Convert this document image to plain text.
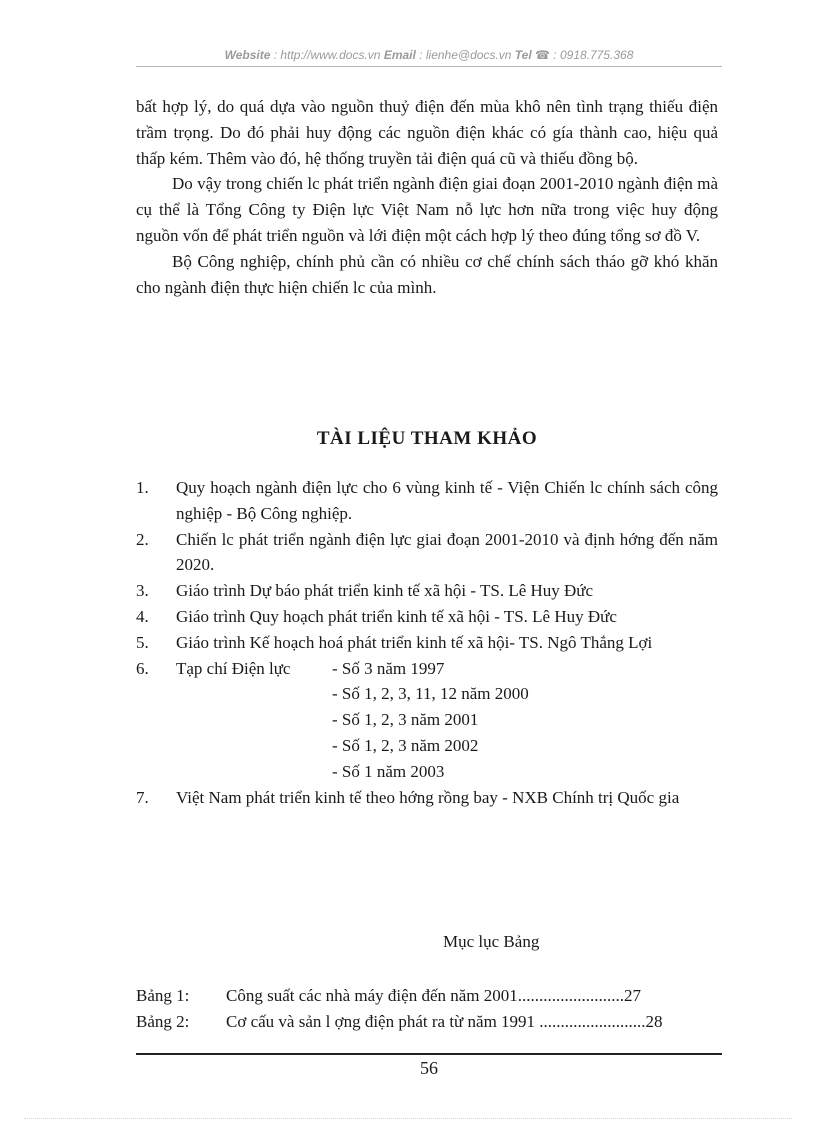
Website : http://www.docs.vn Email : lienhe@docs.vn Tel ☎ : 0918.775.368

bất hợp lý, do quá dựa vào nguồn thuỷ điện đến mùa khô nên tình trạng thiếu điện trầm trọng. Do đó phải huy động các nguồn điện khác có gía thành cao, hiệu quả thấp kém. Thêm vào đó, hệ thống truyền tải điện quá cũ và thiếu đồng bộ.

Do vậy trong chiến lc phát triển ngành điện giai đoạn 2001-2010 ngành điện mà cụ thể là Tổng Công ty Điện lực Việt Nam nỗ lực hơn nữa trong việc huy động nguồn vốn để phát triển nguồn và lới điện một cách hợp lý theo đúng tổng sơ đồ V.

Bộ Công nghiệp, chính phủ cần có nhiều cơ chế chính sách tháo gỡ khó khăn cho ngành điện thực hiện chiến lc của mình.

TÀI LIỆU THAM KHẢO
1.	Quy hoạch ngành điện lực cho 6 vùng kinh tế - Viện Chiến lc chính sách công nghiệp - Bộ Công nghiệp.
2.	Chiến lc phát triển ngành điện lực giai đoạn 2001-2010 và định hớng đến năm 2020.
3.	Giáo trình Dự báo phát triển kinh tế xã hội - TS. Lê Huy Đức
4.	Giáo trình Quy hoạch phát triển kinh tế xã hội - TS. Lê Huy Đức
5.	Giáo trình Kế hoạch hoá phát triển kinh tế xã hội- TS. Ngô Thắng Lợi
6.	Tạp chí Điện lực	- Số 3 năm 1997
- Số 1, 2, 3, 11, 12 năm 2000
- Số 1, 2, 3 năm 2001
- Số 1, 2, 3 năm 2002
- Số 1 năm 2003
7.	Việt Nam phát triển kinh tế theo hớng rồng bay - NXB Chính trị Quốc gia
Mục lục Bảng
Bảng 1:	Công suất các nhà máy điện đến năm 2001.........................27
Bảng 2:	Cơ cấu và sản l ợng điện phát ra từ năm 1991 .........................28
56
